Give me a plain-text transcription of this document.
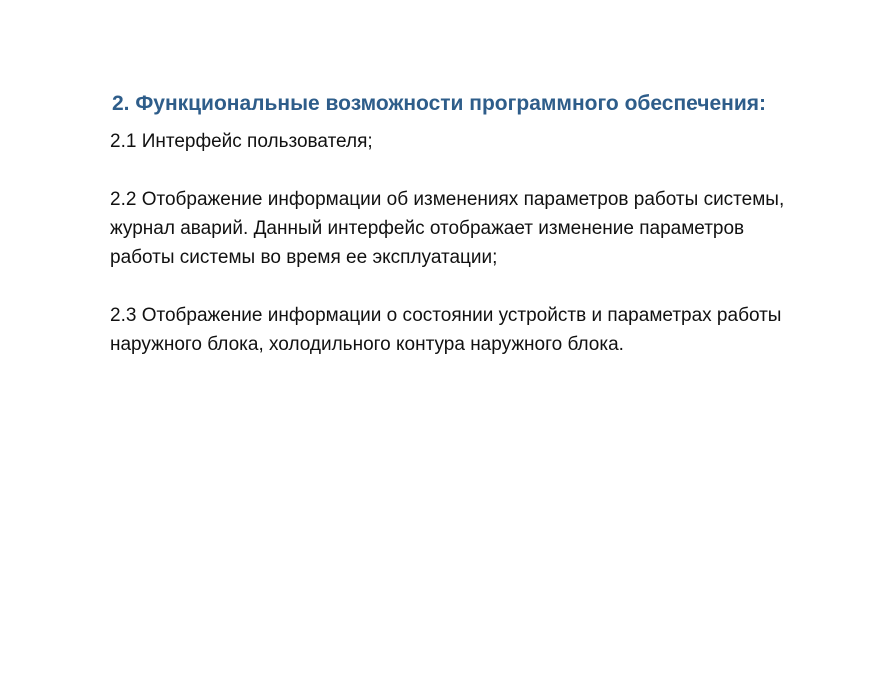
2. Функциональные возможности программного обеспечения:

2.1 Интерфейс пользователя;

2.2 Отображение информации об изменениях параметров работы системы, журнал аварий. Данный интерфейс отображает изменение параметров работы системы во время ее эксплуатации;

2.3 Отображение информации о состоянии устройств и параметрах работы наружного блока, холодильного контура наружного блока.
